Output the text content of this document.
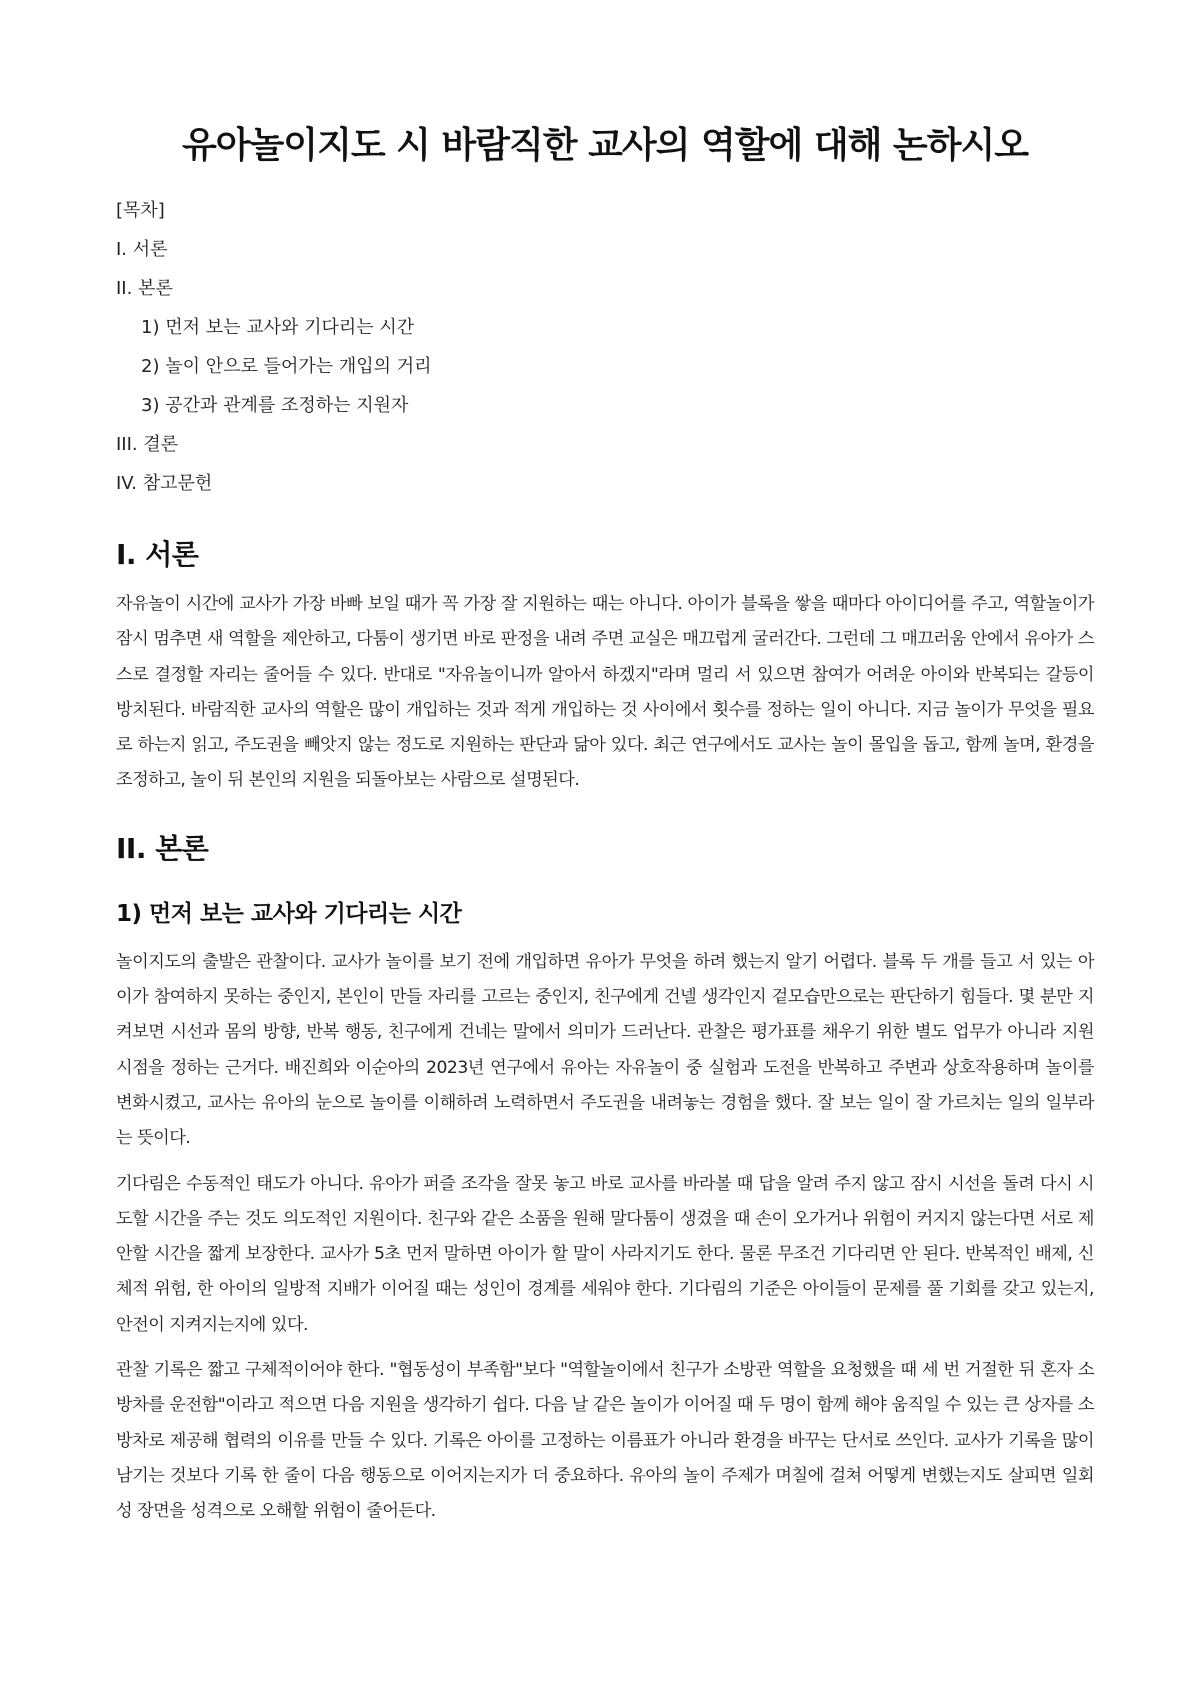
유아놀이지도 시 바람직한 교사의 역할에 대해 논하시오
[목차]
I. 서론
II. 본론
1) 먼저 보는 교사와 기다리는 시간
2) 놀이 안으로 들어가는 개입의 거리
3) 공간과 관계를 조정하는 지원자
III. 결론
IV. 참고문헌
I. 서론

자유놀이 시간에 교사가 가장 바빠 보일 때가 꼭 가장 잘 지원하는 때는 아니다. 아이가 블록을 쌓을 때마다 아이디어를 주고, 역할놀이가 잠시 멈추면 새 역할을 제안하고, 다툼이 생기면 바로 판정을 내려 주면 교실은 매끄럽게 굴러간다. 그런데 그 매끄러움 안에서 유아가 스스로 결정할 자리는 줄어들 수 있다. 반대로 "자유놀이니까 알아서 하겠지"라며 멀리 서 있으면 참여가 어려운 아이와 반복되는 갈등이 방치된다. 바람직한 교사의 역할은 많이 개입하는 것과 적게 개입하는 것 사이에서 횟수를 정하는 일이 아니다. 지금 놀이가 무엇을 필요로 하는지 읽고, 주도권을 빼앗지 않는 정도로 지원하는 판단과 닮아 있다. 최근 연구에서도 교사는 놀이 몰입을 돕고, 함께 놀며, 환경을 조정하고, 놀이 뒤 본인의 지원을 되돌아보는 사람으로 설명된다.

II. 본론
1) 먼저 보는 교사와 기다리는 시간

놀이지도의 출발은 관찰이다. 교사가 놀이를 보기 전에 개입하면 유아가 무엇을 하려 했는지 알기 어렵다. 블록 두 개를 들고 서 있는 아이가 참여하지 못하는 중인지, 본인이 만들 자리를 고르는 중인지, 친구에게 건넬 생각인지 겉모습만으로는 판단하기 힘들다. 몇 분만 지켜보면 시선과 몸의 방향, 반복 행동, 친구에게 건네는 말에서 의미가 드러난다. 관찰은 평가표를 채우기 위한 별도 업무가 아니라 지원 시점을 정하는 근거다. 배진희와 이순아의 2023년 연구에서 유아는 자유놀이 중 실험과 도전을 반복하고 주변과 상호작용하며 놀이를 변화시켰고, 교사는 유아의 눈으로 놀이를 이해하려 노력하면서 주도권을 내려놓는 경험을 했다. 잘 보는 일이 잘 가르치는 일의 일부라는 뜻이다.

기다림은 수동적인 태도가 아니다. 유아가 퍼즐 조각을 잘못 놓고 바로 교사를 바라볼 때 답을 알려 주지 않고 잠시 시선을 돌려 다시 시도할 시간을 주는 것도 의도적인 지원이다. 친구와 같은 소품을 원해 말다툼이 생겼을 때 손이 오가거나 위험이 커지지 않는다면 서로 제안할 시간을 짧게 보장한다. 교사가 5초 먼저 말하면 아이가 할 말이 사라지기도 한다. 물론 무조건 기다리면 안 된다. 반복적인 배제, 신체적 위험, 한 아이의 일방적 지배가 이어질 때는 성인이 경계를 세워야 한다. 기다림의 기준은 아이들이 문제를 풀 기회를 갖고 있는지, 안전이 지켜지는지에 있다.

관찰 기록은 짧고 구체적이어야 한다. "협동성이 부족함"보다 "역할놀이에서 친구가 소방관 역할을 요청했을 때 세 번 거절한 뒤 혼자 소방차를 운전함"이라고 적으면 다음 지원을 생각하기 쉽다. 다음 날 같은 놀이가 이어질 때 두 명이 함께 해야 움직일 수 있는 큰 상자를 소방차로 제공해 협력의 이유를 만들 수 있다. 기록은 아이를 고정하는 이름표가 아니라 환경을 바꾸는 단서로 쓰인다. 교사가 기록을 많이 남기는 것보다 기록 한 줄이 다음 행동으로 이어지는지가 더 중요하다. 유아의 놀이 주제가 며칠에 걸쳐 어떻게 변했는지도 살피면 일회성 장면을 성격으로 오해할 위험이 줄어든다.
